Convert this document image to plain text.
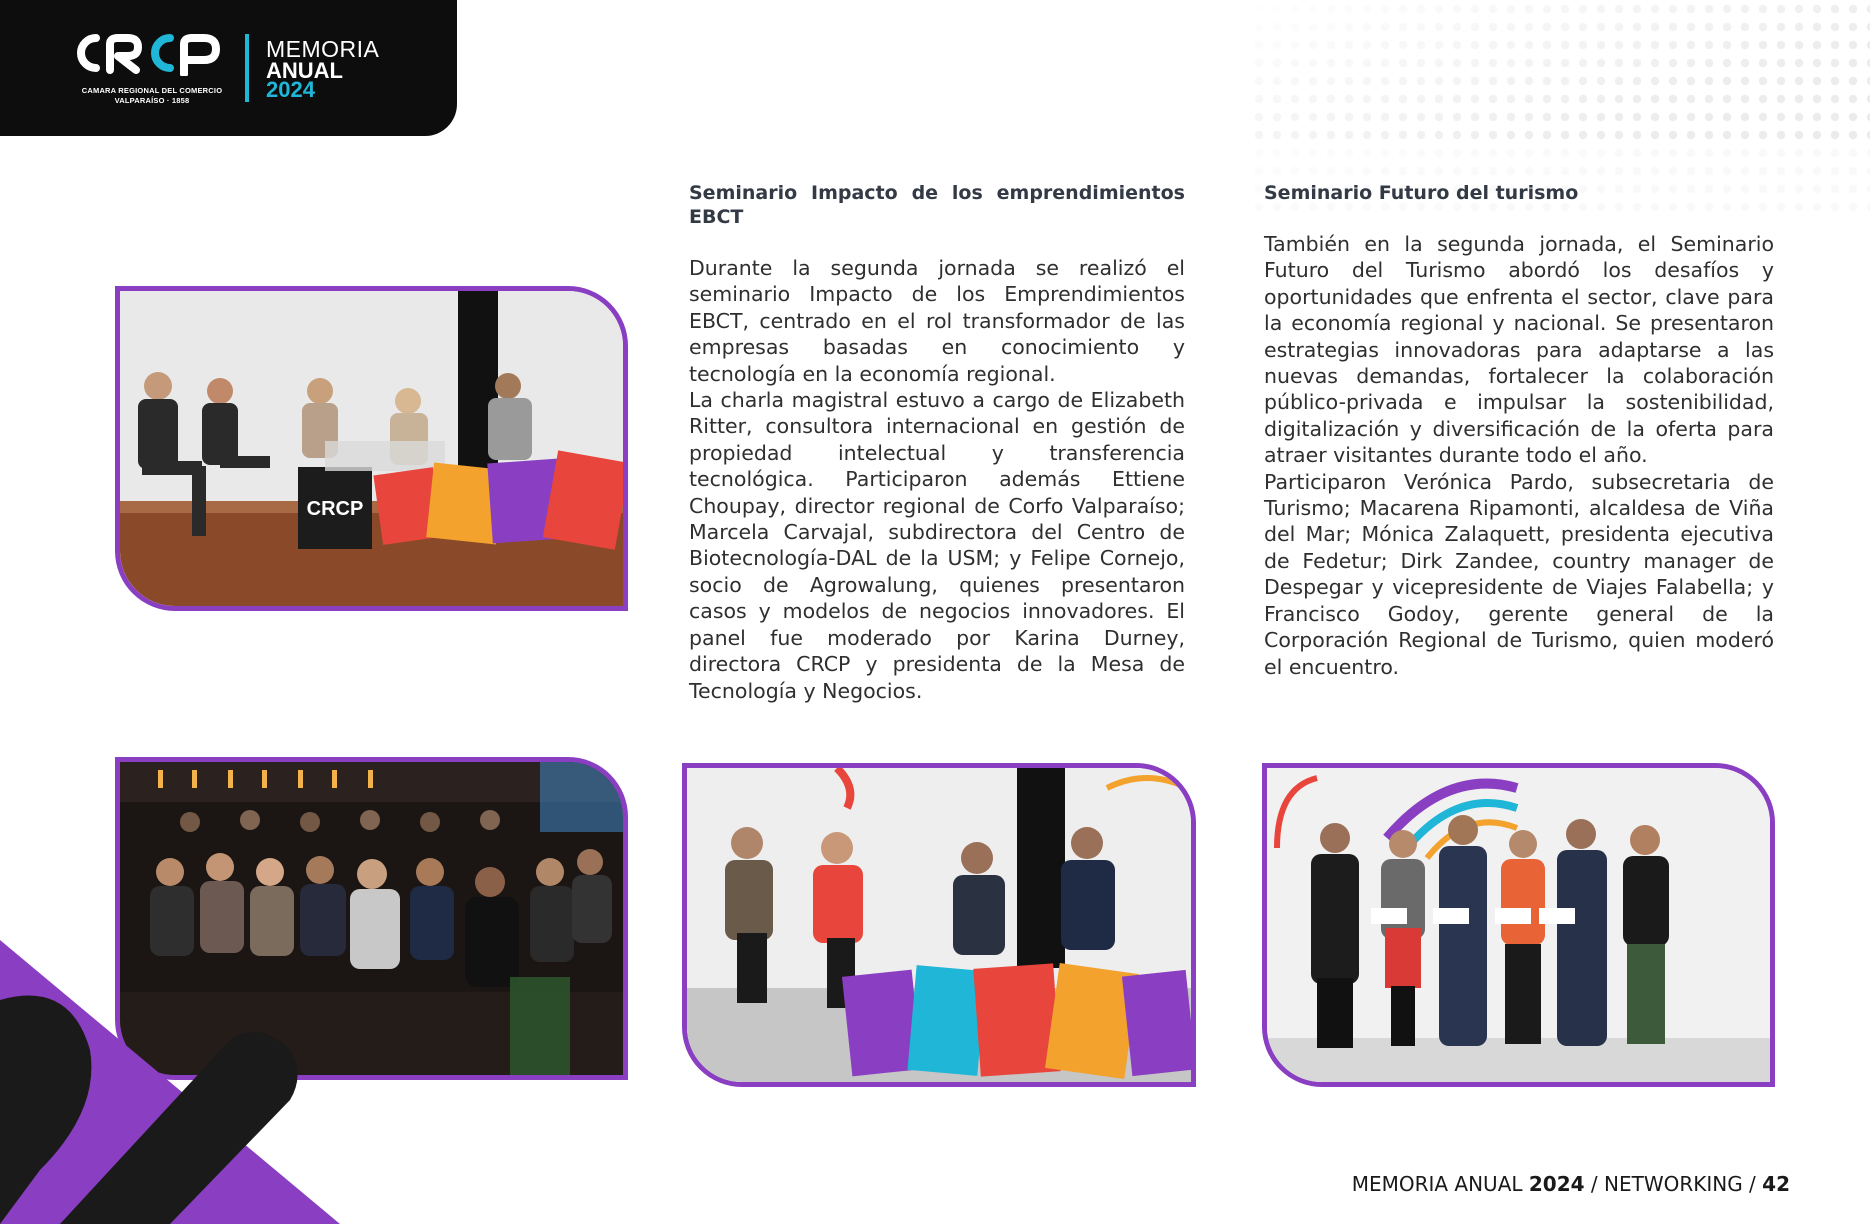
CAMARA REGIONAL DEL COMERCIO
VALPARAÍSO · 1858
MEMORIA
ANUAL
2024
Seminario Impacto de los emprendimientos EBCT

Durante la segunda jornada se realizó el seminario Impacto de los Emprendimientos EBCT, centrado en el rol transformador de las empresas basadas en conocimiento y tecnología en la economía regional.

La charla magistral estuvo a cargo de Elizabeth Ritter, consultora internacional en gestión de propiedad intelectual y transferencia tecnológica. Participaron además Ettiene Choupay, director regional de Corfo Valparaíso; Marcela Carvajal, subdirectora del Centro de Biotecnología-DAL de la USM; y Felipe Cornejo, socio de Agrowalung, quienes presentaron casos y modelos de negocios innovadores. El panel fue moderado por Karina Durney, directora CRCP y presidenta de la Mesa de Tecnología y Negocios.

Seminario Futuro del turismo

También en la segunda jornada, el Seminario Futuro del Turismo abordó los desafíos y oportunidades que enfrenta el sector, clave para la economía regional y nacional. Se presentaron estrategias innovadoras para adaptarse a las nuevas demandas, fortalecer la colaboración público-privada e impulsar la sostenibilidad, digitalización y diversificación de la oferta para atraer visitantes durante todo el año.

Participaron Verónica Pardo, subsecretaria de Turismo; Macarena Ripamonti, alcaldesa de Viña del Mar; Mónica Zalaquett, presidenta ejecutiva de Fedetur; Dirk Zandee, country manager de Despegar y vicepresidente de Viajes Falabella; y Francisco Godoy, gerente general de la Corporación Regional de Turismo, quien moderó el encuentro.

CRCP
MEMORIA ANUAL 2024 / NETWORKING / 42
